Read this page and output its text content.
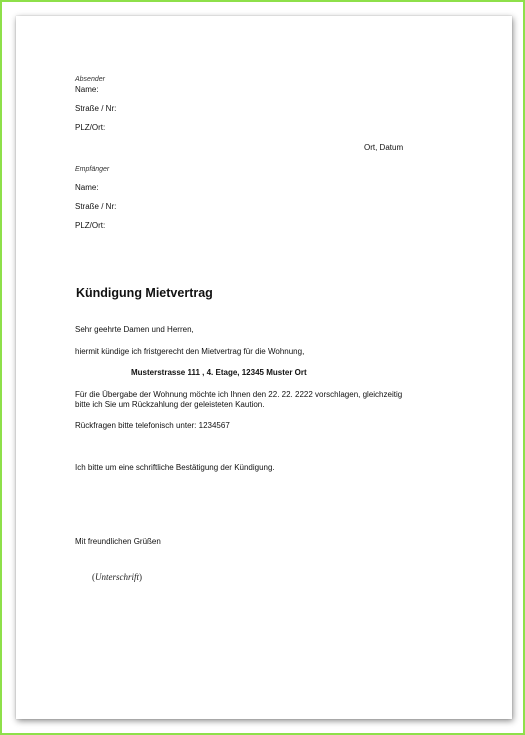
Absender
Name:
Straße / Nr:
PLZ/Ort:
Ort, Datum
Empfänger
Name:
Straße / Nr:
PLZ/Ort:
Kündigung Mietvertrag
Sehr geehrte Damen und Herren,
hiermit kündige ich fristgerecht den Mietvertrag für die Wohnung,
Musterstrasse 111 , 4. Etage, 12345 Muster Ort
Für die Übergabe der Wohnung möchte ich Ihnen den 22. 22. 2222 vorschlagen, gleichzeitig
bitte ich Sie um Rückzahlung der geleisteten Kaution.
Rückfragen bitte telefonisch unter: 1234567
Ich bitte um eine schriftliche Bestätigung der Kündigung.
Mit freundlichen Grüßen
(Unterschrift)
